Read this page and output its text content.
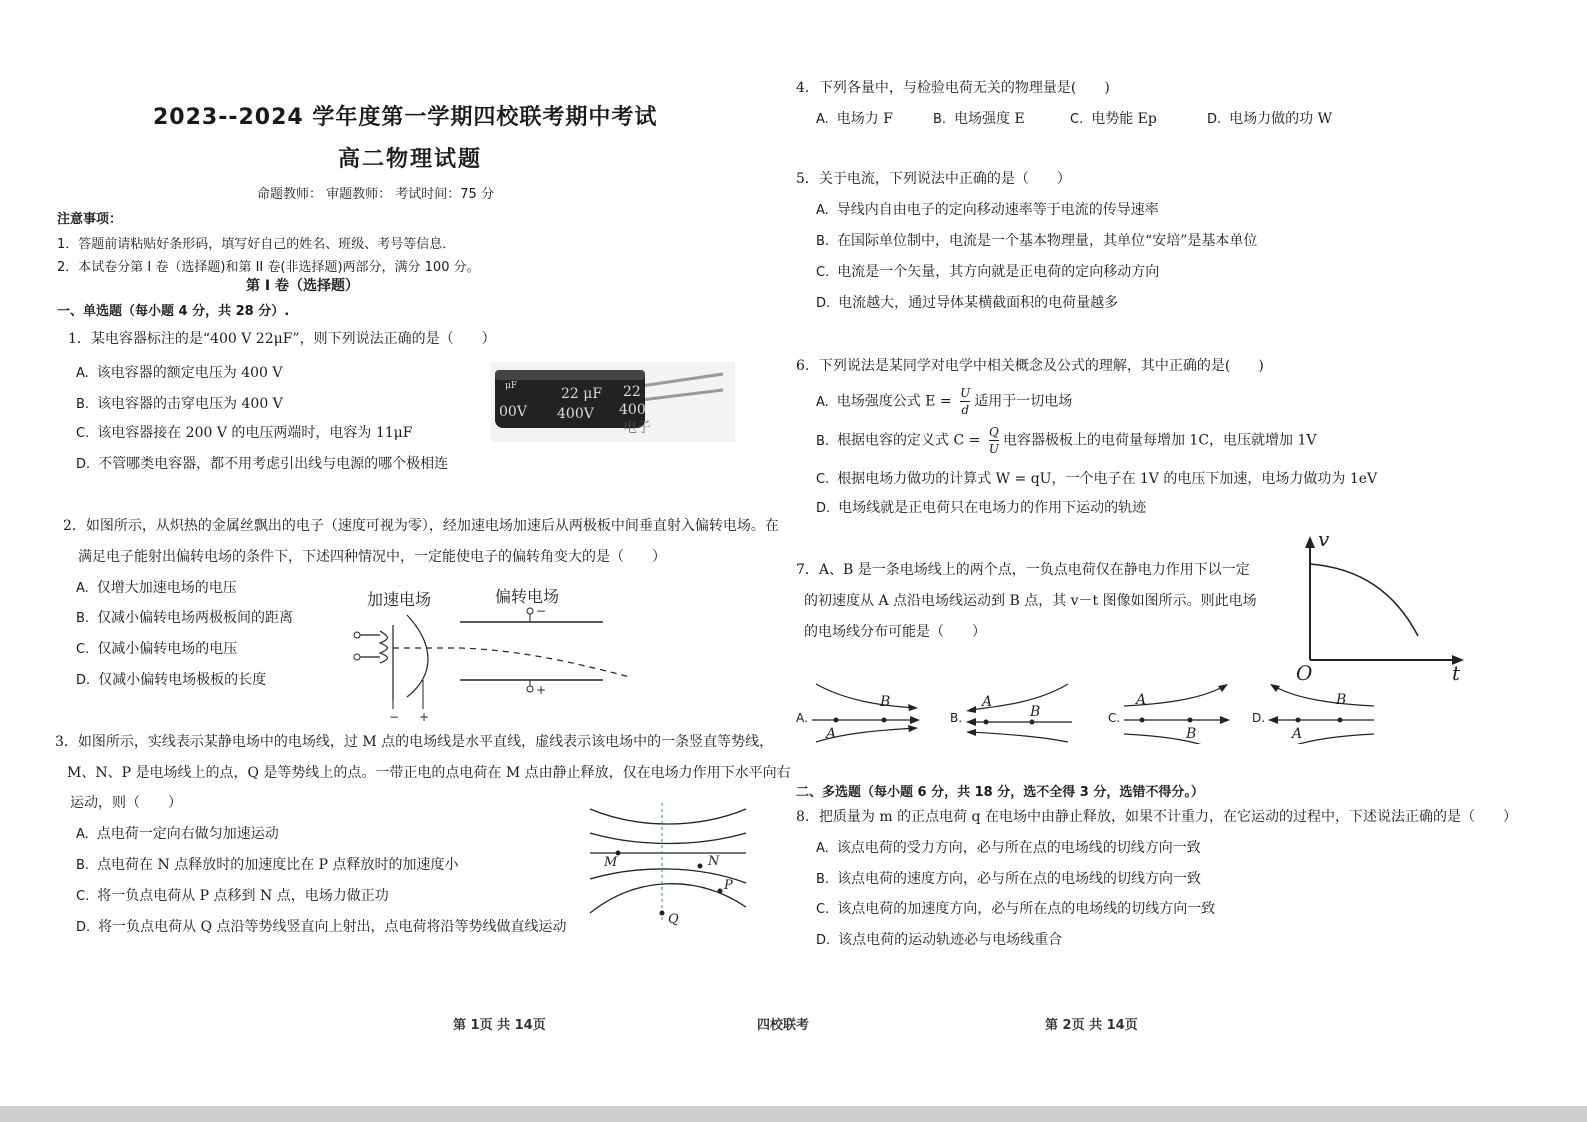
2023--2024 学年度第一学期四校联考期中考试
高二物理试题
命题教师： 审题教师： 考试时间：75 分
注意事项：
1．答题前请粘贴好条形码，填写好自己的姓名、班级、考号等信息．
2．本试卷分第 I 卷（选择题)和第 II 卷(非选择题)两部分，满分 100 分。
第 Ⅰ 卷（选择题）
一、单选题（每小题 4 分，共 28 分）.
1．某电容器标注的是“400 V 22μF”，则下列说法正确的是（　　）
A. 该电容器的额定电压为 400 V
B. 该电容器的击穿电压为 400 V
C. 该电容器接在 200 V 的电压两端时，电容为 11μF
D. 不管哪类电容器，都不用考虑引出线与电源的哪个极相连
μF	22 μF 22
00V 400V 400
电子
2．如图所示，从炽热的金属丝飘出的电子（速度可视为零），经加速电场加速后从两极板中间垂直射入偏转电场。在
满足电子能射出偏转电场的条件下，下述四种情况中，一定能使电子的偏转角变大的是（　　）
A. 仅增大加速电场的电压
B. 仅减小偏转电场两极板间的距离
C. 仅减小偏转电场的电压
D. 仅减小偏转电场极板的长度
加速电场	偏转电场
− +
−
+
3．如图所示，实线表示某静电场中的电场线，过 M 点的电场线是水平直线，虚线表示该电场中的一条竖直等势线，
M、N、P 是电场线上的点，Q 是等势线上的点。一带正电的点电荷在 M 点由静止释放，仅在电场力作用下水平向右
运动，则（　　）
A. 点电荷一定向右做匀加速运动
B. 点电荷在 N 点释放时的加速度比在 P 点释放时的加速度小
C. 将一负点电荷从 P 点移到 N 点，电场力做正功
D. 将一负点电荷从 Q 点沿等势线竖直向上射出，点电荷将沿等势线做直线运动
M	N
P
Q
4．下列各量中，与检验电荷无关的物理量是(　　)
A. 电场力 F	B. 电场强度 E	C. 电势能 Ep	D. 电场力做的功 W
5．关于电流，下列说法中正确的是（　　）
A. 导线内自由电子的定向移动速率等于电流的传导速率
B. 在国际单位制中，电流是一个基本物理量，其单位“安培”是基本单位
C. 电流是一个矢量，其方向就是正电荷的定向移动方向
D. 电流越大，通过导体某横截面积的电荷量越多
6．下列说法是某同学对电学中相关概念及公式的理解，其中正确的是(　　)
A. 电场强度公式 $E = \frac{U}{d}$ 适用于一切电场
B. 根据电容的定义式 $C = \frac{Q}{U}$ 电容器极板上的电荷量每增加 1C，电压就增加 1V
C. 根据电场力做功的计算式 W = qU，一个电子在 1V 的电压下加速，电场力做功为 1eV
D. 电场线就是正电荷只在电场力的作用下运动的轨迹
7．A、B 是一条电场线上的两个点，一负点电荷仅在静电力作用下以一定
的初速度从 A 点沿电场线运动到 B 点，其 v－t 图像如图所示。则此电场
的电场线分布可能是（　　）
v
t
O
A.
B
A
B.
A
B	C.
A
B
D.
B
A
二、多选题（每小题 6 分，共 18 分，选不全得 3 分，选错不得分。）
8．把质量为 m 的正点电荷 q 在电场中由静止释放，如果不计重力，在它运动的过程中，下述说法正确的是（　　）
A. 该点电荷的受力方向，必与所在点的电场线的切线方向一致
B. 该点电荷的速度方向，必与所在点的电场线的切线方向一致
C. 该点电荷的加速度方向，必与所在点的电场线的切线方向一致
D. 该点电荷的运动轨迹必与电场线重合
第 1页 共 14页	四校联考	第 2页 共 14页
